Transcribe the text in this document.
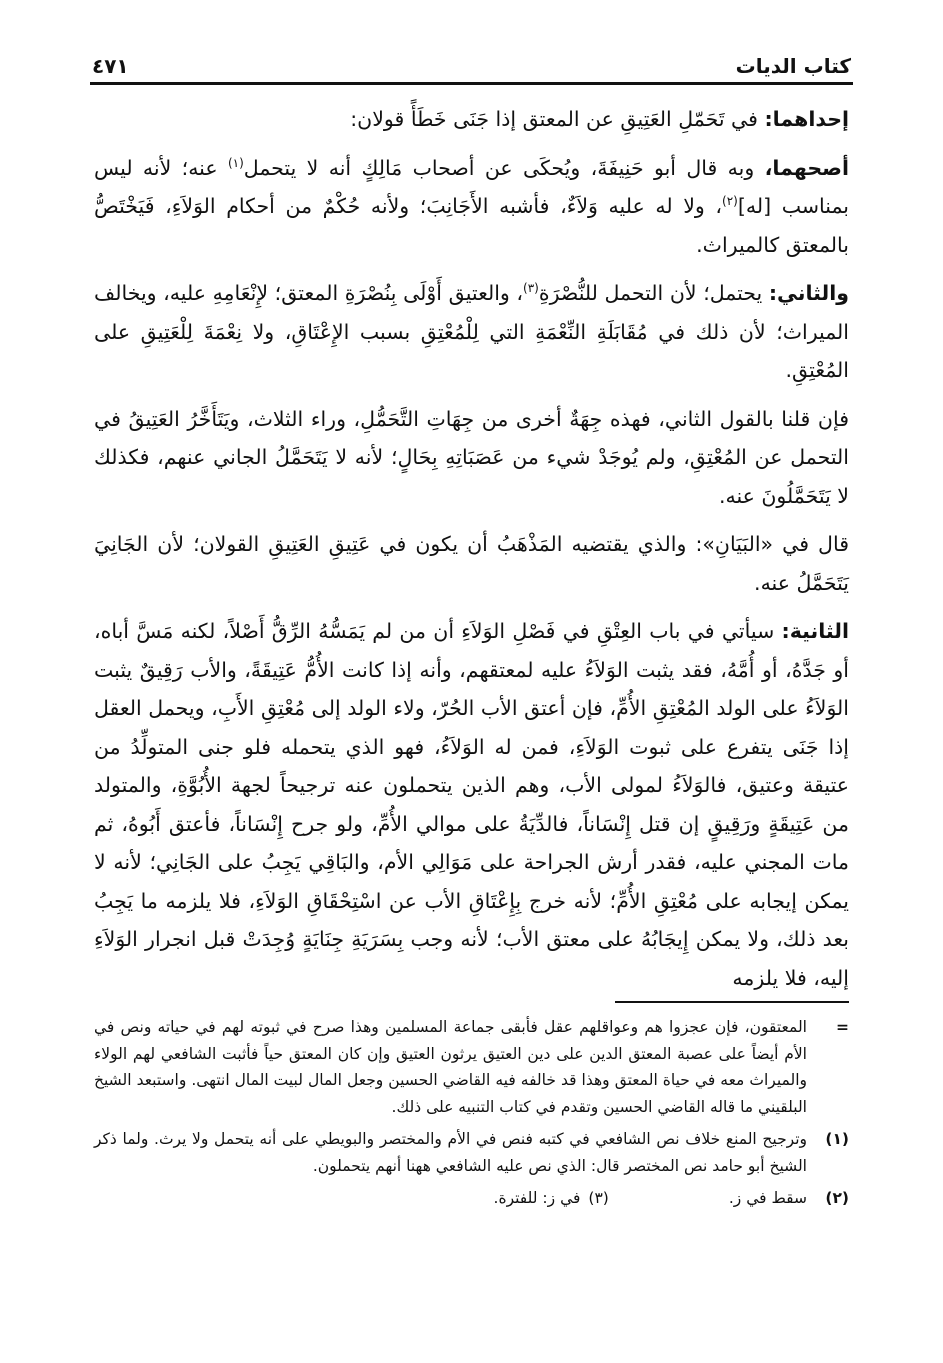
كتاب الديات
٤٧١

إحداهما: في تَحَمّلِ العَتِيقِ عن المعتق إذا جَنَى خَطَأً قولان:

أصحهما، وبه قال أبو حَنِيفَةَ، ويُحكَى عن أصحاب مَالِكٍ أنه لا يتحمل$^{(١)}$ عنه؛ لأنه ليس بمناسب [له]$^{(٢)}$، ولا له عليه وَلاَءٌ، فأشبه الأَجَانِبَ؛ ولأنه حُكْمٌ من أحكام الوَلاَءِ، فَيَخْتَصُّ بالمعتق كالميراث.

والثاني: يحتمل؛ لأن التحمل للنُّصْرَةِ$^{(٣)}$، والعتيق أَوْلَى بِنُصْرَةِ المعتق؛ لإِنْعَامِهِ عليه، ويخالف الميراث؛ لأن ذلك في مُقَابَلَةِ النِّعْمَةِ التي لِلْمُعْتِقِ بسبب الإِعْتَاقِ، ولا نِعْمَةَ لِلْعَتِيقِ على المُعْتِقِ.

فإن قلنا بالقول الثاني، فهذه جِهَةٌ أخرى من جِهَاتِ التَّحَمُّلِ، وراء الثلاث، ويَتَأَخَّرُ العَتِيقُ في التحمل عن المُعْتِقِ، ولم يُوجَدْ شيء من عَصَبَاتِهِ بِحَالٍ؛ لأنه لا يَتَحَمَّلُ الجاني عنهم، فكذلك لا يَتَحَمَّلُونَ عنه.

قال في «البَيَانِ»: والذي يقتضيه المَذْهَبُ أن يكون في عَتِيقِ العَتِيقِ القولان؛ لأن الجَانِيَ يَتَحَمَّلُ عنه.

الثانية: سيأتي في باب العِتْقِ في فَصْلِ الوَلاَءِ أن من لم يَمَسُّهُ الرِّقُّ أَصْلاً، لكنه مَسَّ أباه، أو جَدَّهُ، أو أُمَّهُ، فقد يثبت الوَلاَءُ عليه لمعتقهم، وأنه إذا كانت الأُمُّ عَتِيقَةً، والأب رَقِيقٌ يثبت الوَلاَءُ على الولد المُعْتِقِ الأُمِّ، فإن أعتق الأب الحُرّ، ولاء الولد إلى مُعْتِقِ الأَبِ، ويحمل العقل إذا جَنَى يتفرع على ثبوت الوَلاَءِ، فمن له الوَلاَءُ، فهو الذي يتحمله فلو جنى المتولِّدُ من عتيقة وعتيق، فالوَلاَءُ لمولى الأب، وهم الذين يتحملون عنه ترجيحاً لجهة الأُبُوَّةِ، والمتولد من عَتِيقَةٍ ورَقِيقٍ إن قتل إِنْسَاناً، فالدِّيَةُ على موالي الأُمِّ، ولو جرح إِنْسَاناً، فأعتق أَبُوهُ، ثم مات المجني عليه، فقدر أرش الجراحة على مَوَالِي الأم، والبَاقِي يَجِبُ على الجَانِي؛ لأنه لا يمكن إيجابه على مُعْتِقِ الأُمِّ؛ لأنه خرج بِإِعْتَاقِ الأب عن اسْتِحْقَاقِ الوَلاَءِ، فلا يلزمه ما يَجِبُ بعد ذلك، ولا يمكن إِيجَابُهُ على معتق الأب؛ لأنه وجب بِسَرَيَةِ جِنَايَةٍ وُجِدَتْ قبل انجرار الوَلاَءِ إليه، فلا يلزمه

=
المعتقون، فإن عجزوا هم وعواقلهم عقل فأبقى جماعة المسلمين وهذا صرح في ثبوته لهم في حياته ونص في الأم أيضاً على عصبة المعتق الدين على دين العتيق يرثون العتيق وإن كان المعتق حياً فأثبت الشافعي لهم الولاء والميراث معه في حياة المعتق وهذا قد خالفه فيه القاضي الحسين وجعل المال لبيت المال انتهى. واستبعد الشيخ البلقيني ما قاله القاضي الحسين وتقدم في كتاب التنبيه على ذلك.
(١)
وترجيح المنع خلاف نص الشافعي في كتبه فنص في الأم والمختصر والبويطي على أنه يتحمل ولا يرث. ولما ذكر الشيخ أبو حامد نص المختصر قال: الذي نص عليه الشافعي ههنا أنهم يتحملون.
(٢)
سقط في ز.
(٣)
في ز: للفترة.
